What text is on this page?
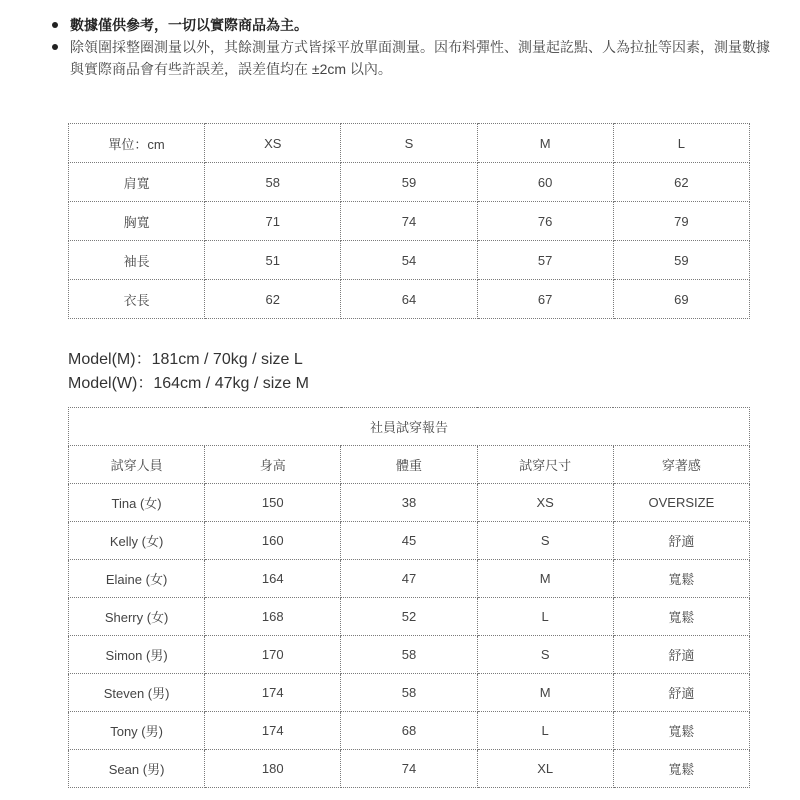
數據僅供參考，一切以實際商品為主。
除領圍採整圈測量以外，其餘測量方式皆採平放單面測量。因布料彈性、測量起訖點、人為拉扯等因素，測量數據與實際商品會有些許誤差，誤差值均在 ±2cm 以內。
單位：cm	XS	S	M	L
肩寬	58	59	60	62
胸寬	71	74	76	79
袖長	51	54	57	59
衣長	62	64	67	69
Model(M)：181cm / 70kg / size L
Model(W)：164cm / 47kg / size M
社員試穿報告				
試穿人員	身高	體重	試穿尺寸	穿著感
Tina (女)	150	38	XS	OVERSIZE
Kelly (女)	160	45	S	舒適
Elaine (女)	164	47	M	寬鬆
Sherry (女)	168	52	L	寬鬆
Simon (男)	170	58	S	舒適
Steven (男)	174	58	M	舒適
Tony (男)	174	68	L	寬鬆
Sean (男)	180	74	XL	寬鬆
